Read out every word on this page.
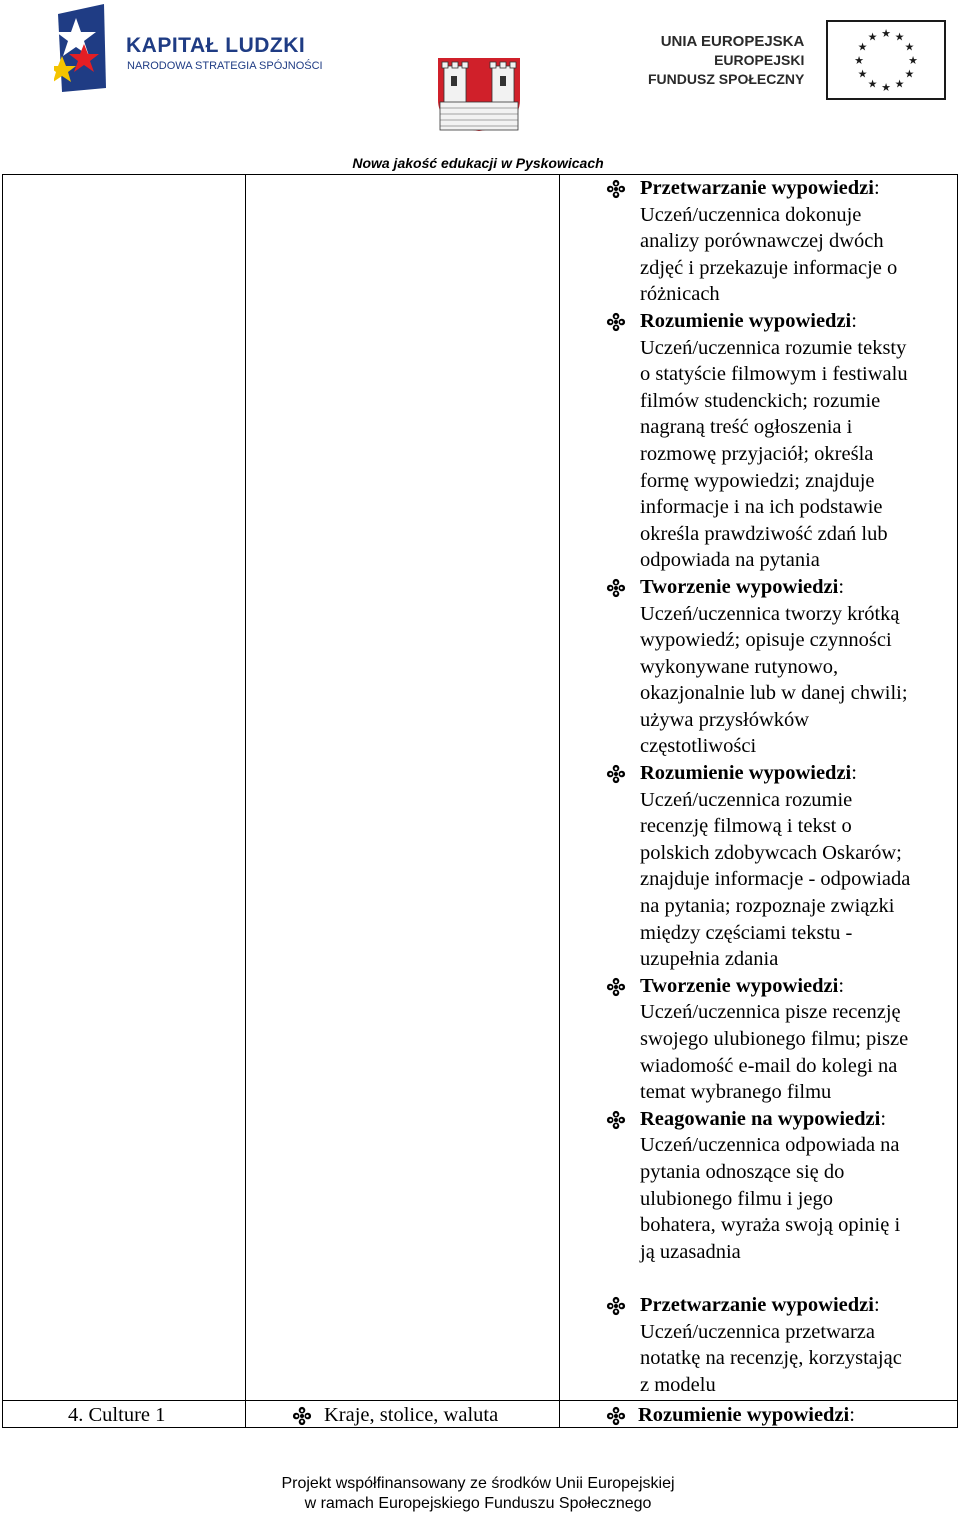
KAPITAŁ LUDZKI
NARODOWA STRATEGIA SPÓJNOŚCI
UNIA EUROPEJSKA
EUROPEJSKI
FUNDUSZ SPOŁECZNY
★ ★
★
★
★
★
★
★
★
★
★
★
Nowa jakość edukacji w Pyskowicach
Przetwarzanie wypowiedzi:
Uczeń/uczennica dokonuje
analizy porównawczej dwóch
zdjęć i przekazuje informacje o
różnicach
Rozumienie wypowiedzi:
Uczeń/uczennica rozumie teksty
o statyście filmowym i festiwalu
filmów studenckich; rozumie
nagraną treść ogłoszenia i
rozmowę przyjaciół; określa
formę wypowiedzi; znajduje
informacje i na ich podstawie
określa prawdziwość zdań lub
odpowiada na pytania
Tworzenie wypowiedzi:
Uczeń/uczennica tworzy krótką
wypowiedź; opisuje czynności
wykonywane rutynowo,
okazjonalnie lub w danej chwili;
używa przysłówków
częstotliwości
Rozumienie wypowiedzi:
Uczeń/uczennica rozumie
recenzję filmową i tekst o
polskich zdobywcach Oskarów;
znajduje informacje - odpowiada
na pytania; rozpoznaje związki
między częściami tekstu -
uzupełnia zdania
Tworzenie wypowiedzi:
Uczeń/uczennica pisze recenzję
swojego ulubionego filmu; pisze
wiadomość e-mail do kolegi na
temat wybranego filmu
Reagowanie na wypowiedzi:
Uczeń/uczennica odpowiada na
pytania odnoszące się do
ulubionego filmu i jego
bohatera, wyraża swoją opinię i
ją uzasadnia
Przetwarzanie wypowiedzi:
Uczeń/uczennica przetwarza
notatkę na recenzję, korzystając
z modelu
4. Culture 1	Kraje, stolice, waluta	Rozumienie wypowiedzi:
Projekt współfinansowany ze środków Unii Europejskiej
w ramach Europejskiego Funduszu Społecznego
